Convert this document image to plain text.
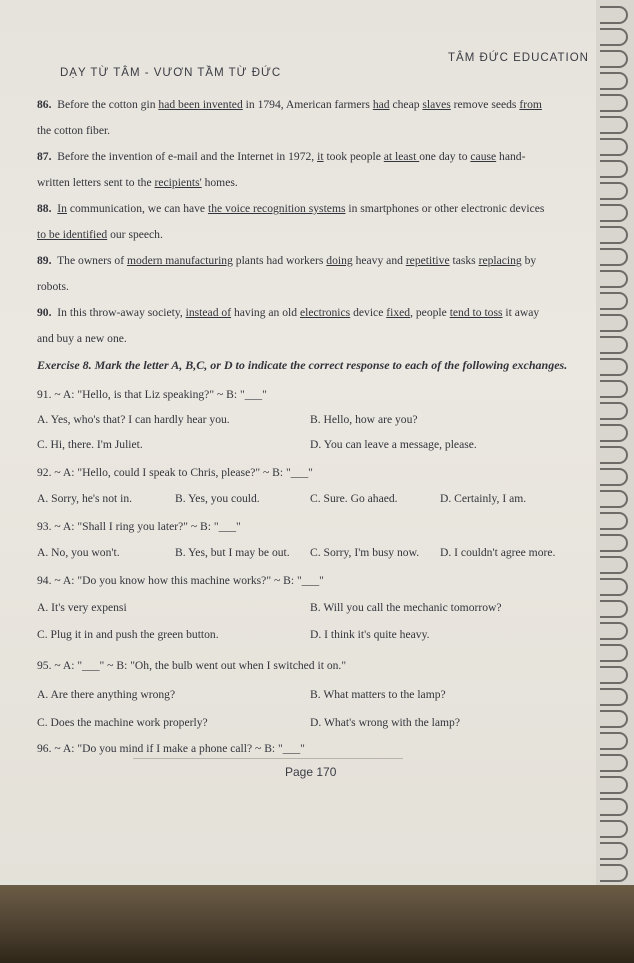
DẠY TỪ TÂM - VƯƠN TẦM TỪ ĐỨC
TÂM ĐỨC EDUCATION
86. Before the cotton gin had been invented in 1794, American farmers had cheap slaves remove seeds from
the cotton fiber.
87. Before the invention of e-mail and the Internet in 1972, it took people at least one day to cause hand-
written letters sent to the recipients' homes.
88. In communication, we can have the voice recognition systems in smartphones or other electronic devices
to be identified our speech.
89. The owners of modern manufacturing plants had workers doing heavy and repetitive tasks replacing by
robots.
90. In this throw-away society, instead of having an old electronics device fixed, people tend to toss it away
and buy a new one.
Exercise 8. Mark the letter A, B,C, or D to indicate the correct response to each of the following exchanges.
91. ~ A: "Hello, is that Liz speaking?" ~ B: "___"
A. Yes, who's that? I can hardly hear you.	B. Hello, how are you?
C. Hi, there. I'm Juliet.	D. You can leave a message, please.
92. ~ A: "Hello, could I speak to Chris, please?" ~ B: "___"
A. Sorry, he's not in.	B. Yes, you could.	C. Sure. Go ahaed.	D. Certainly, I am.
93. ~ A: "Shall I ring you later?" ~ B: "___"
A. No, you won't.	B. Yes, but I may be out. C. Sorry, I'm busy now. D. I couldn't agree more.
94. ~ A: "Do you know how this machine works?" ~ B: "___"
A. It's very expensi	B. Will you call the mechanic tomorrow?
C. Plug it in and push the green button.	D. I think it's quite heavy.
95. ~ A: "___" ~ B: "Oh, the bulb went out when I switched it on."
A. Are there anything wrong?	B. What matters to the lamp?
C. Does the machine work properly?	D. What's wrong with the lamp?
96. ~ A: "Do you mind if I make a phone call? ~ B: "___"
Page 170
